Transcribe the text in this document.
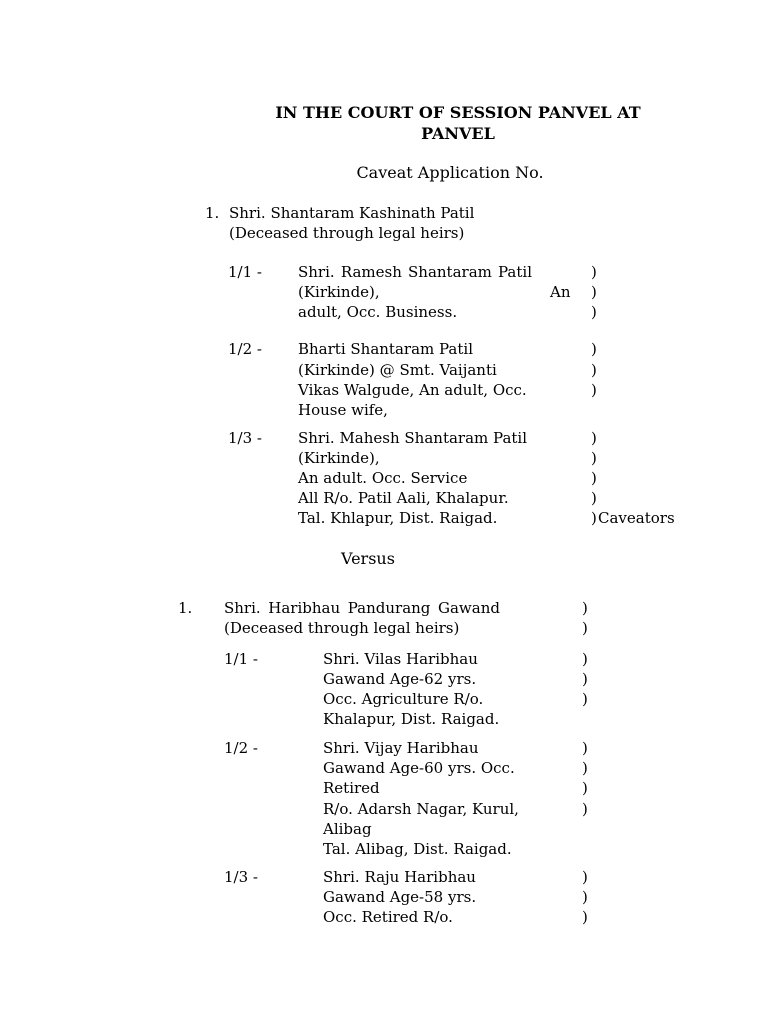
IN THE COURT OF SESSION PANVEL AT
PANVEL
Caveat Application No.
1. Shri. Shantaram Kashinath Patil
(Deceased through legal heirs)
1/1 - Shri. Ramesh Shantaram Patil
(Kirkinde),	An
adult, Occ. Business.
)
)
)
1/2 - Bharti Shantaram Patil
(Kirkinde) @ Smt. Vaijanti
Vikas Walgude, An adult, Occ.
House wife,
)
)
)
1/3 - Shri. Mahesh Shantaram Patil
(Kirkinde),
An adult. Occ. Service
All R/o. Patil Aali, Khalapur.
Tal. Khlapur, Dist. Raigad.
)
)
)
)
) Caveators
Versus
1. Shri. Haribhau Pandurang Gawand
(Deceased through legal heirs)
)
)
1/1 -	Shri. Vilas Haribhau
Gawand Age-62 yrs.
Occ. Agriculture R/o.
Khalapur, Dist. Raigad.
)
)
)
1/2 -	Shri. Vijay Haribhau
Gawand Age-60 yrs. Occ.
Retired
R/o. Adarsh Nagar, Kurul,
Alibag
Tal. Alibag, Dist. Raigad.
)
)
)
)
1/3 -	Shri. Raju Haribhau
Gawand Age-58 yrs.
Occ. Retired R/o.
)
)
)
